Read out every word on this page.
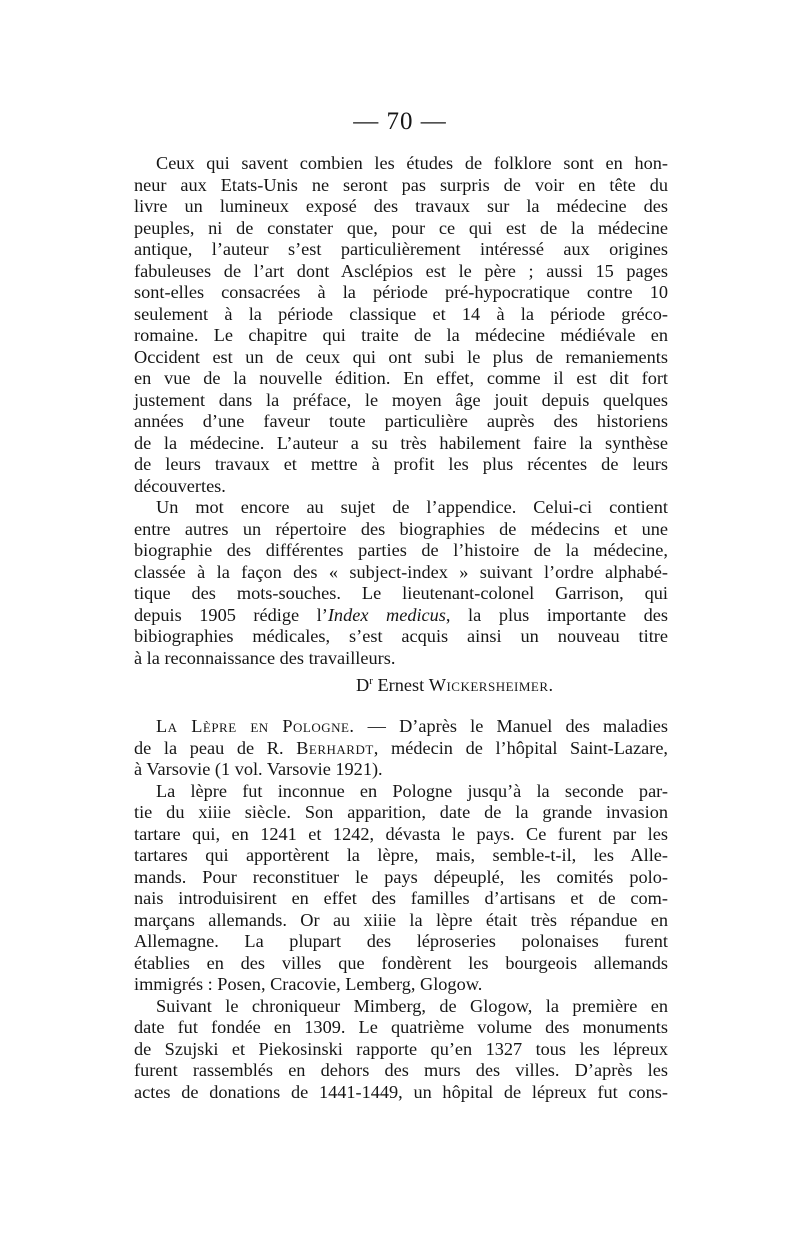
— 70 —
Ceux qui savent combien les études de folklore sont en hon-
neur aux Etats-Unis ne seront pas surpris de voir en tête du
livre un lumineux exposé des travaux sur la médecine des
peuples, ni de constater que, pour ce qui est de la médecine
antique, l’auteur s’est particulièrement intéressé aux origines
fabuleuses de l’art dont Asclépios est le père ; aussi 15 pages
sont-elles consacrées à la période pré-hypocratique contre 10
seulement à la période classique et 14 à la période gréco-
romaine. Le chapitre qui traite de la médecine médiévale en
Occident est un de ceux qui ont subi le plus de remaniements
en vue de la nouvelle édition. En effet, comme il est dit fort
justement dans la préface, le moyen âge jouit depuis quelques
années d’une faveur toute particulière auprès des historiens
de la médecine. L’auteur a su très habilement faire la synthèse
de leurs travaux et mettre à profit les plus récentes de leurs
découvertes.
Un mot encore au sujet de l’appendice. Celui-ci contient
entre autres un répertoire des biographies de médecins et une
biographie des différentes parties de l’histoire de la médecine,
classée à la façon des « subject-index » suivant l’ordre alphabé-
tique des mots-souches. Le lieutenant-colonel Garrison, qui
depuis 1905 rédige l’Index medicus, la plus importante des
bibiographies médicales, s’est acquis ainsi un nouveau titre
à la reconnaissance des travailleurs.
$D^r$ Ernest Wickersheimer.
La Lèpre en Pologne. — D’après le Manuel des maladies
de la peau de R. Berhardt, médecin de l’hôpital Saint-Lazare,
à Varsovie (1 vol. Varsovie 1921).
La lèpre fut inconnue en Pologne jusqu’à la seconde par-
tie du xiiie siècle. Son apparition, date de la grande invasion
tartare qui, en 1241 et 1242, dévasta le pays. Ce furent par les
tartares qui apportèrent la lèpre, mais, semble-t-il, les Alle-
mands. Pour reconstituer le pays dépeuplé, les comités polo-
nais introduisirent en effet des familles d’artisans et de com-
marçans allemands. Or au xiiie la lèpre était très répandue en
Allemagne. La plupart des léproseries polonaises furent
établies en des villes que fondèrent les bourgeois allemands
immigrés : Posen, Cracovie, Lemberg, Glogow.
Suivant le chroniqueur Mimberg, de Glogow, la première en
date fut fondée en 1309. Le quatrième volume des monuments
de Szujski et Piekosinski rapporte qu’en 1327 tous les lépreux
furent rassemblés en dehors des murs des villes. D’après les
actes de donations de 1441-1449, un hôpital de lépreux fut cons-
